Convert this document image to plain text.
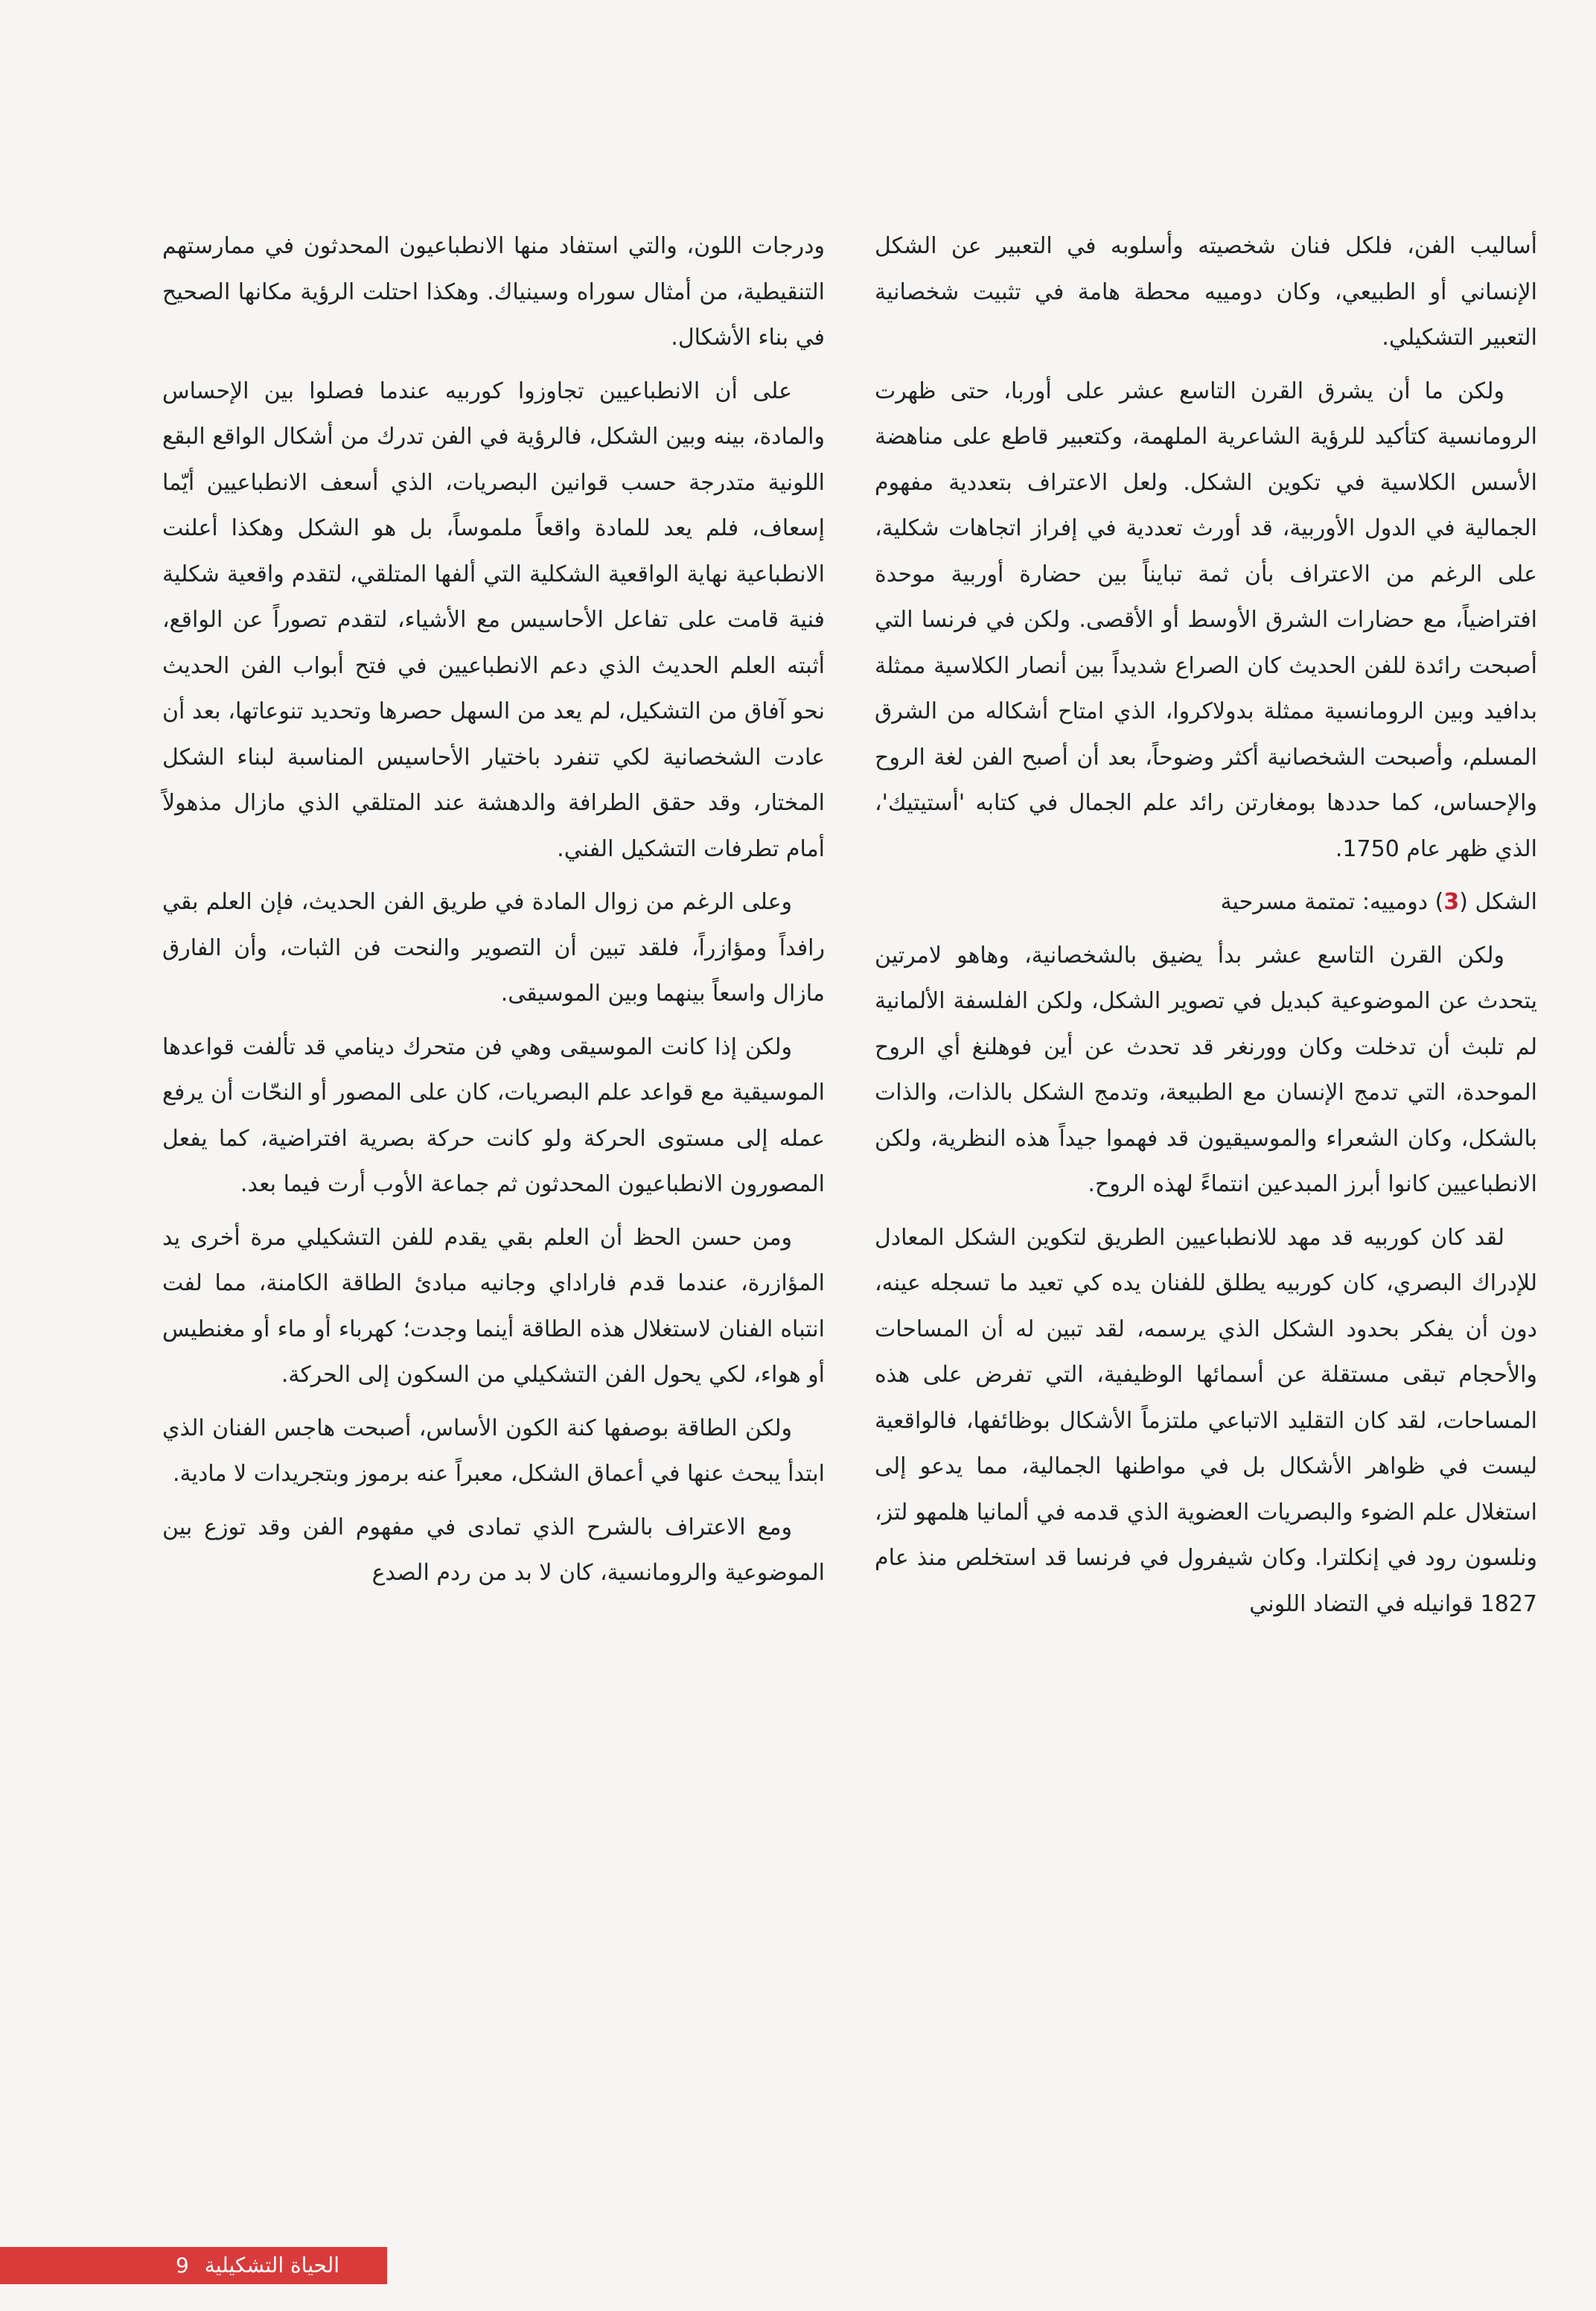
أساليب الفن، فلكل فنان شخصيته وأسلوبه في التعبير عن الشكل الإنساني أو الطبيعي، وكان دومييه محطة هامة في تثبيت شخصانية التعبير التشكيلي.

ولكن ما أن يشرق القرن التاسع عشر على أوربا، حتى ظهرت الرومانسية كتأكيد للرؤية الشاعرية الملهمة، وكتعبير قاطع على مناهضة الأسس الكلاسية في تكوين الشكل. ولعل الاعتراف بتعددية مفهوم الجمالية في الدول الأوربية، قد أورث تعددية في إفراز اتجاهات شكلية، على الرغم من الاعتراف بأن ثمة تبايناً بين حضارة أوربية موحدة افتراضياً، مع حضارات الشرق الأوسط أو الأقصى. ولكن في فرنسا التي أصبحت رائدة للفن الحديث كان الصراع شديداً بين أنصار الكلاسية ممثلة بدافيد وبين الرومانسية ممثلة بدولاكروا، الذي امتاح أشكاله من الشرق المسلم، وأصبحت الشخصانية أكثر وضوحاً، بعد أن أصبح الفن لغة الروح والإحساس، كما حددها بومغارتن رائد علم الجمال في كتابه 'أستيتيك'، الذي ظهر عام 1750.

الشكل (3) دومييه: تمتمة مسرحية

ولكن القرن التاسع عشر بدأ يضيق بالشخصانية، وهاهو لامرتين يتحدث عن الموضوعية كبديل في تصوير الشكل، ولكن الفلسفة الألمانية لم تلبث أن تدخلت وكان وورنغر قد تحدث عن أين فوهلنغ أي الروح الموحدة، التي تدمج الإنسان مع الطبيعة، وتدمج الشكل بالذات، والذات بالشكل، وكان الشعراء والموسيقيون قد فهموا جيداً هذه النظرية، ولكن الانطباعيين كانوا أبرز المبدعين انتماءً لهذه الروح.

لقد كان كوربيه قد مهد للانطباعيين الطريق لتكوين الشكل المعادل للإدراك البصري، كان كوربيه يطلق للفنان يده كي تعيد ما تسجله عينه، دون أن يفكر بحدود الشكل الذي يرسمه، لقد تبين له أن المساحات والأحجام تبقى مستقلة عن أسمائها الوظيفية، التي تفرض على هذه المساحات، لقد كان التقليد الاتباعي ملتزماً الأشكال بوظائفها، فالواقعية ليست في ظواهر الأشكال بل في مواطنها الجمالية، مما يدعو إلى استغلال علم الضوء والبصريات العضوية الذي قدمه في ألمانيا هلمهو لتز، ونلسون رود في إنكلترا. وكان شيفرول في فرنسا قد استخلص منذ عام 1827 قوانيله في التضاد اللوني

ودرجات اللون، والتي استفاد منها الانطباعيون المحدثون في ممارستهم التنقيطية، من أمثال سوراه وسينياك. وهكذا احتلت الرؤية مكانها الصحيح في بناء الأشكال.

على أن الانطباعيين تجاوزوا كوربيه عندما فصلوا بين الإحساس والمادة، بينه وبين الشكل، فالرؤية في الفن تدرك من أشكال الواقع البقع اللونية متدرجة حسب قوانين البصريات، الذي أسعف الانطباعيين أيّما إسعاف، فلم يعد للمادة واقعاً ملموساً، بل هو الشكل وهكذا أعلنت الانطباعية نهاية الواقعية الشكلية التي ألفها المتلقي، لتقدم واقعية شكلية فنية قامت على تفاعل الأحاسيس مع الأشياء، لتقدم تصوراً عن الواقع، أثبته العلم الحديث الذي دعم الانطباعيين في فتح أبواب الفن الحديث نحو آفاق من التشكيل، لم يعد من السهل حصرها وتحديد تنوعاتها، بعد أن عادت الشخصانية لكي تنفرد باختيار الأحاسيس المناسبة لبناء الشكل المختار، وقد حقق الطرافة والدهشة عند المتلقي الذي مازال مذهولاً أمام تطرفات التشكيل الفني.

وعلى الرغم من زوال المادة في طريق الفن الحديث، فإن العلم بقي رافداً ومؤازراً، فلقد تبين أن التصوير والنحت فن الثبات، وأن الفارق مازال واسعاً بينهما وبين الموسيقى.

ولكن إذا كانت الموسيقى وهي فن متحرك دينامي قد تألفت قواعدها الموسيقية مع قواعد علم البصريات، كان على المصور أو النحّات أن يرفع عمله إلى مستوى الحركة ولو كانت حركة بصرية افتراضية، كما يفعل المصورون الانطباعيون المحدثون ثم جماعة الأوب أرت فيما بعد.

ومن حسن الحظ أن العلم بقي يقدم للفن التشكيلي مرة أخرى يد المؤازرة، عندما قدم فاراداي وجانيه مبادئ الطاقة الكامنة، مما لفت انتباه الفنان لاستغلال هذه الطاقة أينما وجدت؛ كهرباء أو ماء أو مغنطيس أو هواء، لكي يحول الفن التشكيلي من السكون إلى الحركة.

ولكن الطاقة بوصفها كنة الكون الأساس، أصبحت هاجس الفنان الذي ابتدأ يبحث عنها في أعماق الشكل، معبراً عنه برموز وبتجريدات لا مادية.

ومع الاعتراف بالشرح الذي تمادى في مفهوم الفن وقد توزع بين الموضوعية والرومانسية، كان لا بد من ردم الصدع

الحياة التشكيلية 9
